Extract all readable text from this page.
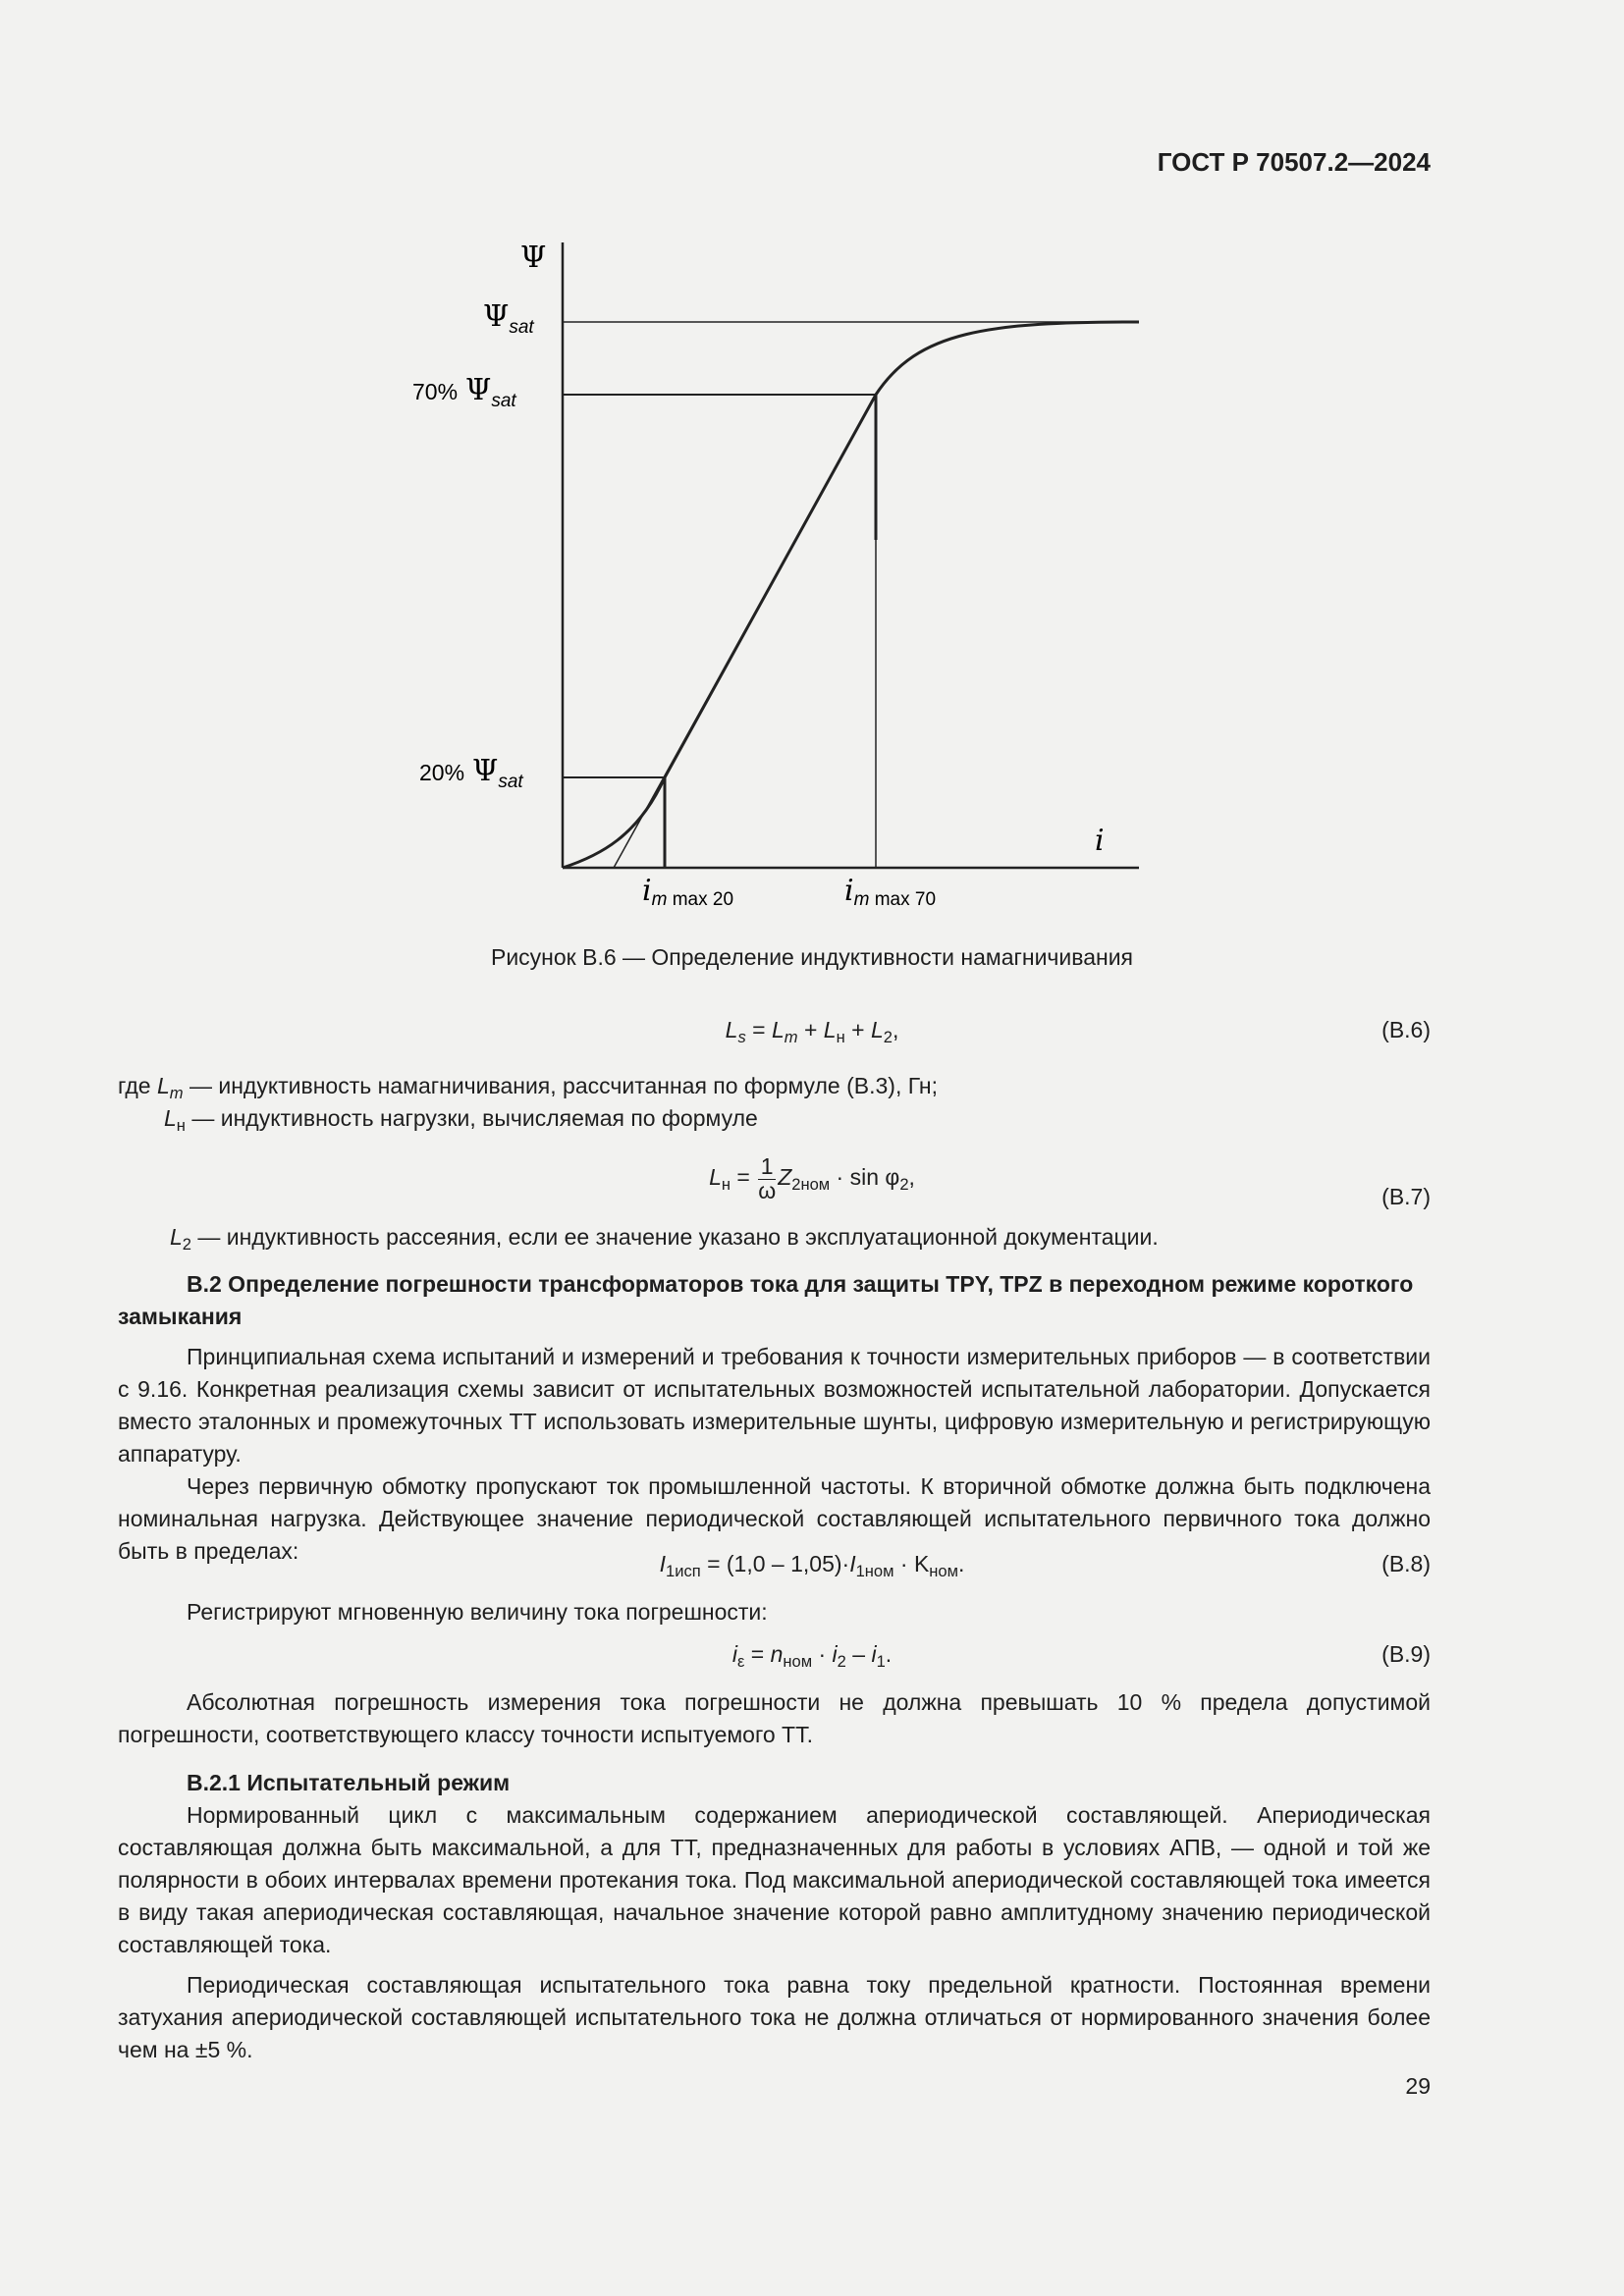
ГОСТ Р 70507.2—2024
Ψ
$\Psi_{sat}$
70% $\Psi_{sat}$
20% $\Psi_{sat}$
i
im max 20	im max 70
Рисунок В.6 — Определение индуктивности намагничивания
$L_s = L_m + L_н + L_2$,	(В.6)
где $L_m$ — индуктивность намагничивания, рассчитанная по формуле (В.3), Гн;
$L_н$ — индуктивность нагрузки, вычисляемая по формуле
$L_н = \frac{1}{\omega} Z_{2ном} \cdot \sin \varphi_2$,
(В.7)
$L_2$ — индуктивность рассеяния, если ее значение указано в эксплуатационной документации.

В.2 Определение погрешности трансформаторов тока для защиты TPY, TPZ в переходном режиме короткого замыкания

Принципиальная схема испытаний и измерений и требования к точности измерительных приборов — в соответствии с 9.16. Конкретная реализация схемы зависит от испытательных возможностей испытательной лаборатории. Допускается вместо эталонных и промежуточных ТТ использовать измерительные шунты, цифровую измерительную и регистрирующую аппаратуру.

Через первичную обмотку пропускают ток промышленной частоты. К вторичной обмотке должна быть подключена номинальная нагрузка. Действующее значение периодической составляющей испытательного первичного тока должно быть в пределах:	$I_{1исп} = (1,0 - 1,05)\cdot I_{1ном} \cdot K_{ном}$.	(В.8)

Регистрируют мгновенную величину тока погрешности:

$i_\varepsilon = n_{ном} \cdot i_2 - i_1$.	(В.9)

Абсолютная погрешность измерения тока погрешности не должна превышать 10 % предела допустимой погрешности, соответствующего классу точности испытуемого ТТ.

В.2.1 Испытательный режим

Нормированный цикл с максимальным содержанием апериодической составляющей. Апериодическая составляющая должна быть максимальной, а для ТТ, предназначенных для работы в условиях АПВ, — одной и той же полярности в обоих интервалах времени протекания тока. Под максимальной апериодической составляющей тока имеется в виду такая апериодическая составляющая, начальное значение которой равно амплитудному значению периодической составляющей тока.

Периодическая составляющая испытательного тока равна току предельной кратности. Постоянная времени затухания апериодической составляющей испытательного тока не должна отличаться от нормированного значения более чем на ±5 %.

29
